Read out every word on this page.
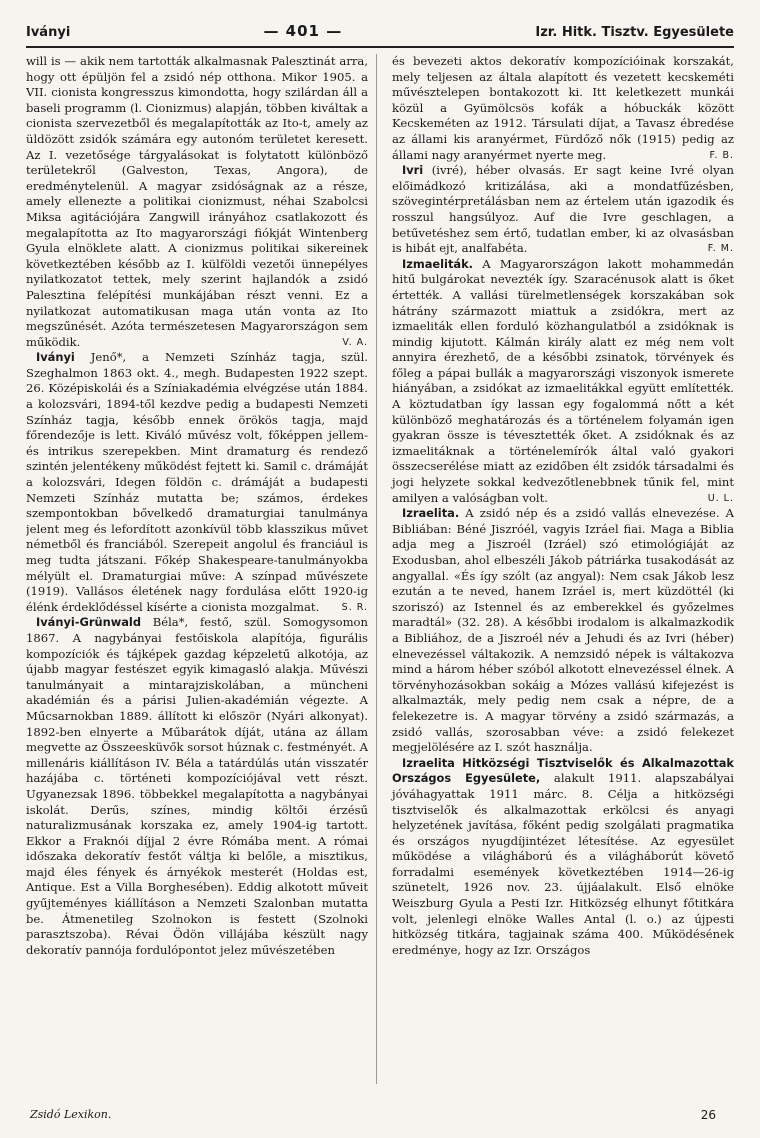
Iványi	— 401 —	Izr. Hitk. Tisztv. Egyesülete

will is — akik nem tartották alkalmasnak Palesztinát arra, hogy ott épüljön fel a zsidó nép otthona. Mikor 1905. a VII. cionista kongresszus kimondotta, hogy szilárdan áll a baseli programm (l. Cionizmus) alapján, többen kiváltak a cionista szervezetből és megalapították az Ito-t, amely az üldözött zsidók számára egy autonóm területet keresett. Az I. vezetősége tárgyalásokat is folytatott különböző területekről (Galveston, Texas, Angora), de eredménytelenül. A magyar zsidóságnak az a része, amely ellenezte a politikai cionizmust, néhai Szabolcsi Miksa agitációjára Zangwill irányához csatlakozott és megalapította az Ito magyarországi fiókját Wintenberg Gyula elnöklete alatt. A cionizmus politikai sikereinek következtében később az I. külföldi vezetői ünnepélyes nyilatkozatot tettek, mely szerint hajlandók a zsidó Palesztina felépítési munkájában részt venni. Ez a nyilatkozat automatikusan maga után vonta az Ito megszűnését. Azóta természetesen Magyarországon sem működik.	V. A.

Iványi Jenő*, a Nemzeti Színház tagja, szül. Szeghalmon 1863 okt. 4., megh. Budapesten 1922 szept. 26. Középiskolái és a Színiakadémia elvégzése után 1884. a kolozsvári, 1894-től kezdve pedig a budapesti Nemzeti Színház tagja, később ennek örökös tagja, majd főrendezője is lett. Kiváló művész volt, főképpen jellem- és intrikus szerepekben. Mint dramaturg és rendező szintén jelentékeny működést fejtett ki. Samil c. drámáját a kolozsvári, Idegen földön c. drámáját a budapesti Nemzeti Színház mutatta be; számos, érdekes szempontokban bővelkedő dramaturgiai tanulmánya jelent meg és lefordított azonkívül több klasszikus művet németből és franciából. Szerepeit angolul és franciául is meg tudta játszani. Főkép Shakespeare-tanulmányokba mélyült el. Dramaturgiai műve: A színpad művészete (1919). Vallásos életének nagy fordulása előtt 1920-ig élénk érdeklődéssel kísérte a cionista mozgalmat.	S. R.

Iványi-Grünwald Béla*, festő, szül. Somogysomon 1867. A nagybányai festőiskola alapítója, figurális kompozíciók és tájképek gazdag képzeletű alkotója, az újabb magyar festészet egyik kimagasló alakja. Művészi tanulmányait a mintarajziskolában, a müncheni akadémián és a párisi Julien-akadémián végezte. A Műcsarnokban 1889. állított ki először (Nyári alkonyat). 1892-ben elnyerte a Műbarátok díját, utána az állam megvette az Összeesküvők sorsot húznak c. festményét. A millenáris kiállításon IV. Béla a tatárdúlás után visszatér hazájába c. történeti kompozíciójával vett részt. Ugyanezsak 1896. többekkel megalapította a nagybányai iskolát. Derűs, színes, mindig költői érzésű naturalizmusának korszaka ez, amely 1904-ig tartott. Ekkor a Fraknói díjjal 2 évre Rómába ment. A római időszaka dekoratív festőt váltja ki belőle, a misztikus, majd éles fények és árnyékok mesterét (Holdas est, Antique. Est a Villa Borghesében). Eddig alkotott műveit gyűjteményes kiállításon a Nemzeti Szalonban mutatta be. Átmenetileg Szolnokon is festett (Szolnoki parasztszoba). Révai Ödön villájába készült nagy dekoratív pannója fordulópontot jelez művészetében

és bevezeti aktos dekoratív kompozícióinak korszakát, mely teljesen az általa alapított és vezetett kecskeméti művésztelepen bontakozott ki. Itt keletkezett munkái közül a Gyümölcsös kofák a hóbuckák között Kecskeméten az 1912. Társulati díjat, a Tavasz ébredése az állami kis aranyérmet, Fürdőző nők (1915) pedig az állami nagy aranyérmet nyerte meg.	F. B.

Ivri (ivré), héber olvasás. Er sagt keine Ivré olyan előimádkozó kritizálása, aki a mondatfűzésben, szövegintérpretálásban nem az értelem után igazodik és rosszul hangsúlyoz. Auf die Ivre geschlagen, a betűvetéshez sem értő, tudatlan ember, ki az olvasásban is hibát ejt, analfabéta.	F. M.

Izmaeliták. A Magyarországon lakott mohammedán hitű bulgárokat nevezték így. Szaracénusok alatt is őket értették. A vallási türelmetlenségek korszakában sok hátrány származott miattuk a zsidókra, mert az izmaeliták ellen forduló közhangulatból a zsidóknak is mindig kijutott. Kálmán király alatt ez még nem volt annyira érezhető, de a későbbi zsinatok, törvények és főleg a pápai bullák a magyarországi viszonyok ismerete hiányában, a zsidókat az izmaelitákkal együtt említették. A köztudatban így lassan egy fogalommá nőtt a két különböző meghatározás és a történelem folyamán igen gyakran össze is tévesztették őket. A zsidóknak és az izmaelitáknak a történelemírók által való gyakori összecserélése miatt az ezidőben élt zsidók társadalmi és jogi helyzete sokkal kedvezőtlenebbnek tűnik fel, mint amilyen a valóságban volt.	U. L.

Izraelita. A zsidó nép és a zsidó vallás elnevezése. A Bibliában: Béné Jiszróél, vagyis Izráel fiai. Maga a Biblia adja meg a Jiszroél (Izráel) szó etimológiáját az Exodusban, ahol elbeszéli Jákob pátriárka tusakodását az angyallal. «És így szólt (az angyal): Nem csak Jákob lesz ezután a te neved, hanem Izráel is, mert küzdöttél (ki szoriszó) az Istennel és az emberekkel és győzelmes maradtál» (32. 28). A későbbi irodalom is alkalmazkodik a Bibliához, de a Jiszroél név a Jehudi és az Ivri (héber) elnevezéssel váltakozik. A nemzsidó népek is váltakozva mind a három héber szóból alkotott elnevezéssel élnek. A törvényhozásokban sokáig a Mózes vallású kifejezést is alkalmazták, mely pedig nem csak a népre, de a felekezetre is. A magyar törvény a zsidó származás, a zsidó vallás, szorosabban véve: a zsidó felekezet megjelölésére az I. szót használja.

Izraelita Hitközségi Tisztviselők és Alkalmazottak Országos Egyesülete, alakult 1911. alapszabályai jóváhagyattak 1911 márc. 8. Célja a hitközségi tisztviselők és alkalmazottak erkölcsi és anyagi helyzetének javítása, főként pedig szolgálati pragmatika és országos nyugdíjintézet létesítése. Az egyesület működése a világháború és a világháborút követő forradalmi események következtében 1914—26-ig szünetelt, 1926 nov. 23. újjáalakult. Első elnöke Weiszburg Gyula a Pesti Izr. Hitközség elhunyt főtitkára volt, jelenlegi elnöke Walles Antal (l. o.) az újpesti hitközség titkára, tagjainak száma 400. Működésének eredménye, hogy az Izr. Országos

Zsidó Lexikon.	26
